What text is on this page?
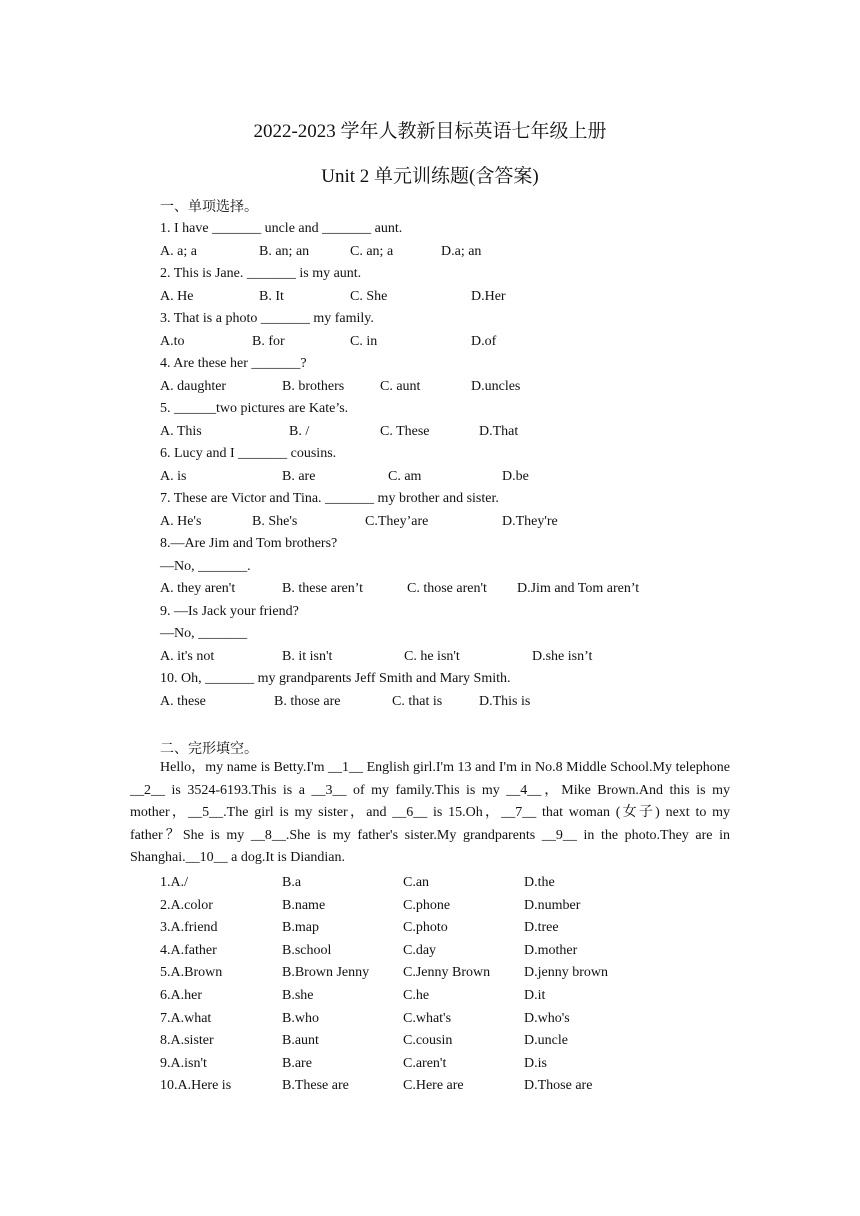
2022-2023 学年人教新目标英语七年级上册
Unit 2 单元训练题(含答案)
一、单项选择。
1. I have _______ uncle and _______ aunt.
A. a; a	B. an; an	C. an; a	D.a; an
2. This is Jane. _______ is my aunt.
A. He	B. It	C. She	D.Her
3. That is a photo _______ my family.
A.to	B. for	C. in	D.of
4. Are these her _______?
A. daughter	B. brothers	C. aunt	D.uncles
5. ______two pictures are Kate’s.
A. This	B. /	C. These	D.That
6. Lucy and I _______ cousins.
A. is	B. are	C. am	D.be
7. These are Victor and Tina. _______ my brother and sister.
A. He's	B. She's	C.They’are	D.They're
8.—Are Jim and Tom brothers?
—No, _______.
A. they aren't	B. these aren’t	C. those aren't D.Jim and Tom aren’t
9. —Is Jack your friend?
—No, _______
A. it's not	B. it isn't	C. he isn't	D.she isn’t
10. Oh, _______ my grandparents Jeff Smith and Mary Smith.
A. these	B. those are	C. that is	D.This is
二、完形填空。
Hello，my name is Betty.I'm __1__ English girl.I'm 13 and I'm in No.8 Middle School.My telephone __2__ is 3524-6193.This is a __3__ of my family.This is my __4__，Mike Brown.And this is my mother，__5__.The girl is my sister，and __6__ is 15.Oh，__7__ that woman (女子) next to my father？She is my __8__.She is my father's sister.My grandparents __9__ in the photo.They are in Shanghai.__10__ a dog.It is Diandian.
1.A./	B.a	C.an	D.the
2.A.color	B.name	C.phone	D.number
3.A.friend	B.map	C.photo	D.tree
4.A.father	B.school	C.day	D.mother
5.A.Brown	B.Brown Jenny C.Jenny Brown D.jenny brown
6.A.her	B.she	C.he	D.it
7.A.what	B.who	C.what's	D.who's
8.A.sister	B.aunt	C.cousin	D.uncle
9.A.isn't	B.are	C.aren't	D.is
10.A.Here is	B.These are	C.Here are	D.Those are
